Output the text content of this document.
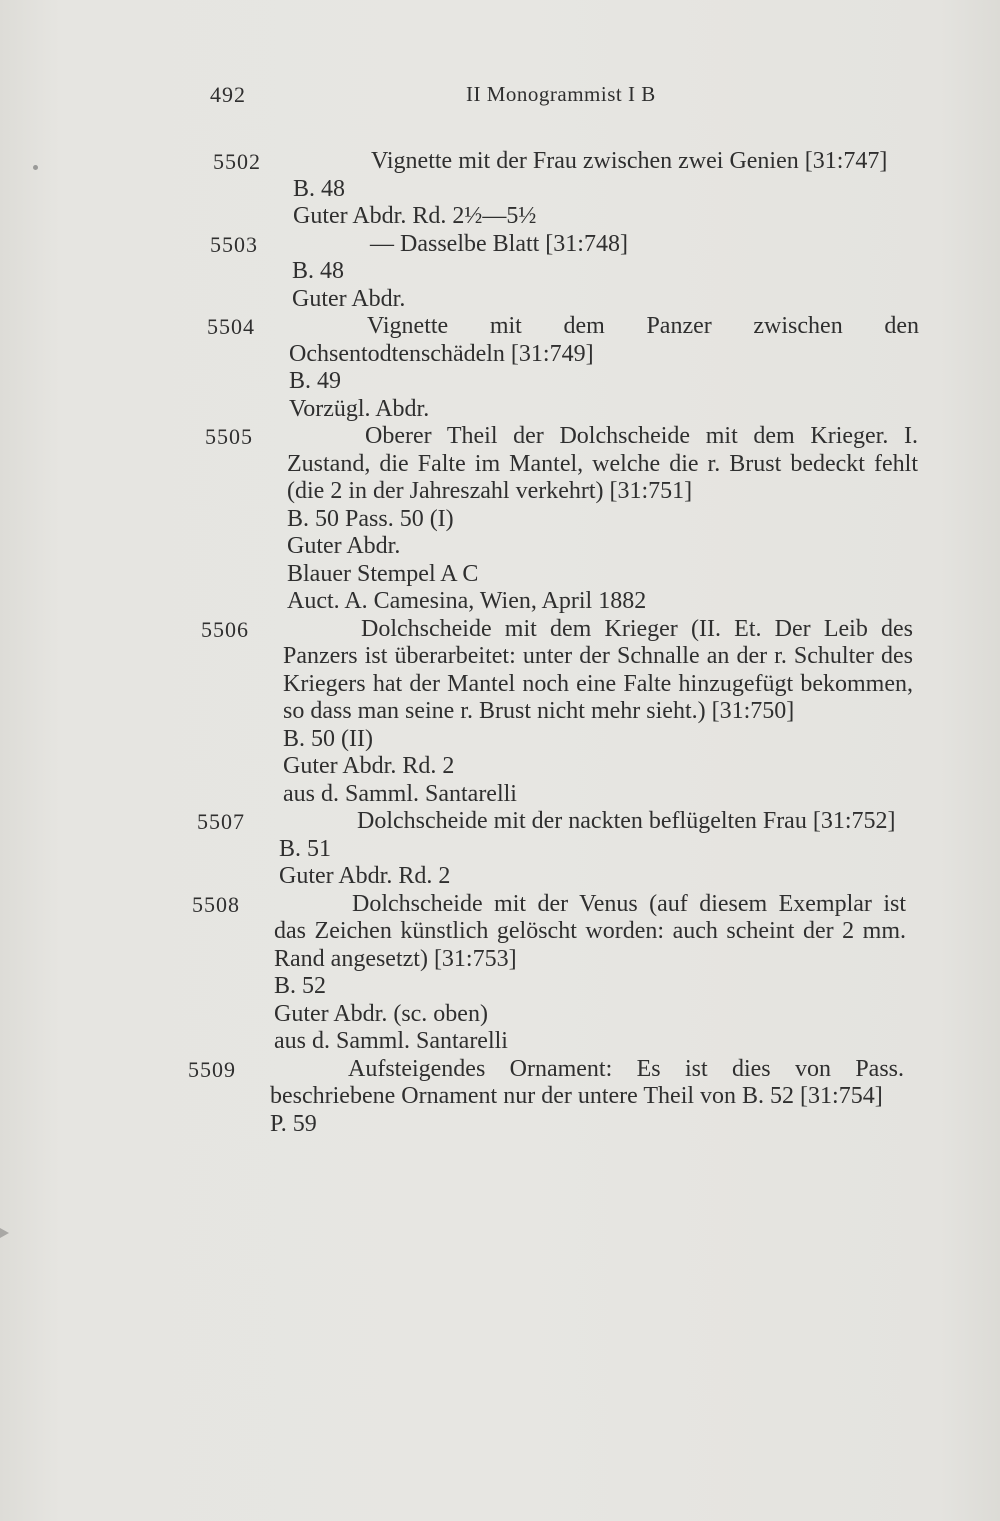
492	II Monogrammist I B
5502	Vignette mit der Frau zwischen zwei Genien [31:747]
B. 48
Guter Abdr. Rd. 2½—5½
5503	— Dasselbe Blatt [31:748]
B. 48
Guter Abdr.
5504	Vignette mit dem Panzer zwischen den Ochsentodtenschädeln [31:749]
B. 49
Vorzügl. Abdr.
5505	Oberer Theil der Dolchscheide mit dem Krieger. I. Zustand, die Falte im Mantel, welche die r. Brust bedeckt fehlt (die 2 in der Jahreszahl verkehrt) [31:751]
B. 50 Pass. 50 (I)
Guter Abdr.
Blauer Stempel A C
Auct. A. Camesina, Wien, April 1882
5506	Dolchscheide mit dem Krieger (II. Et. Der Leib des Panzers ist überarbeitet: unter der Schnalle an der r. Schulter des Kriegers hat der Mantel noch eine Falte hinzugefügt bekommen, so dass man seine r. Brust nicht mehr sieht.) [31:750]
B. 50 (II)
Guter Abdr. Rd. 2
aus d. Samml. Santarelli
5507	Dolchscheide mit der nackten beflügelten Frau [31:752]
B. 51
Guter Abdr. Rd. 2
5508	Dolchscheide mit der Venus (auf diesem Exemplar ist das Zeichen künstlich gelöscht worden: auch scheint der 2 mm. Rand angesetzt) [31:753]
B. 52
Guter Abdr. (sc. oben)
aus d. Samml. Santarelli
5509	Aufsteigendes Ornament: Es ist dies von Pass. beschriebene Ornament nur der untere Theil von B. 52 [31:754]
P. 59
